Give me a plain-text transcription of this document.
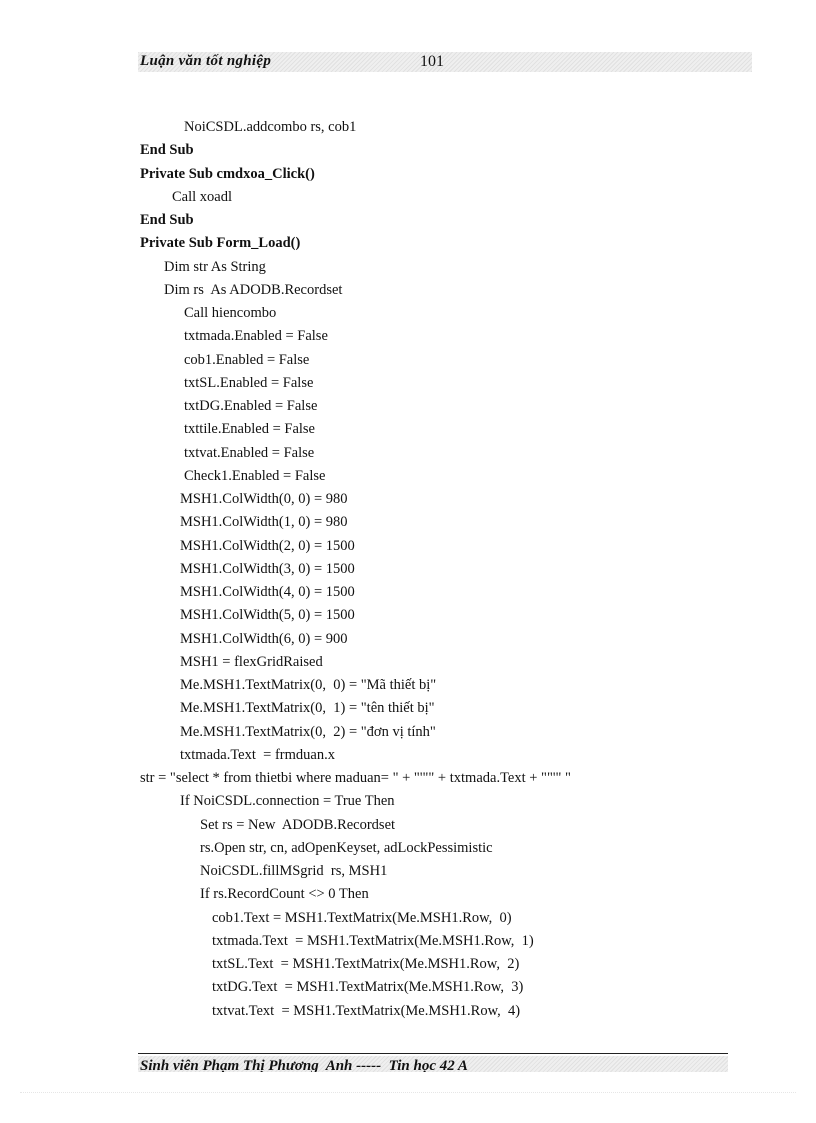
Luận văn tốt nghiệp	101
NoiCSDL.addcombo rs, cob1
End Sub
Private Sub cmdxoa_Click()
Call xoadl
End Sub
Private Sub Form_Load()
Dim str As String
Dim rs  As ADODB.Recordset
Call hiencombo
txtmada.Enabled = False
cob1.Enabled = False
txtSL.Enabled = False
txtDG.Enabled = False
txttile.Enabled = False
txtvat.Enabled = False
Check1.Enabled = False
MSH1.ColWidth(0, 0) = 980
MSH1.ColWidth(1, 0) = 980
MSH1.ColWidth(2, 0) = 1500
MSH1.ColWidth(3, 0) = 1500
MSH1.ColWidth(4, 0) = 1500
MSH1.ColWidth(5, 0) = 1500
MSH1.ColWidth(6, 0) = 900
MSH1 = flexGridRaised
Me.MSH1.TextMatrix(0,  0) = "Mã thiết bị"
Me.MSH1.TextMatrix(0,  1) = "tên thiết bị"
Me.MSH1.TextMatrix(0,  2) = "đơn vị tính"
txtmada.Text  = frmduan.x
str = "select * from thietbi where maduan= " + "'"" + txtmada.Text + ""'" "
If NoiCSDL.connection = True Then
Set rs = New  ADODB.Recordset
rs.Open str, cn, adOpenKeyset, adLockPessimistic
NoiCSDL.fillMSgrid  rs, MSH1
If rs.RecordCount <> 0 Then
cob1.Text = MSH1.TextMatrix(Me.MSH1.Row,  0)
txtmada.Text  = MSH1.TextMatrix(Me.MSH1.Row,  1)
txtSL.Text  = MSH1.TextMatrix(Me.MSH1.Row,  2)
txtDG.Text  = MSH1.TextMatrix(Me.MSH1.Row,  3)
txtvat.Text  = MSH1.TextMatrix(Me.MSH1.Row,  4)
Sinh viên Phạm Thị Phương  Anh -----  Tin học 42 A
